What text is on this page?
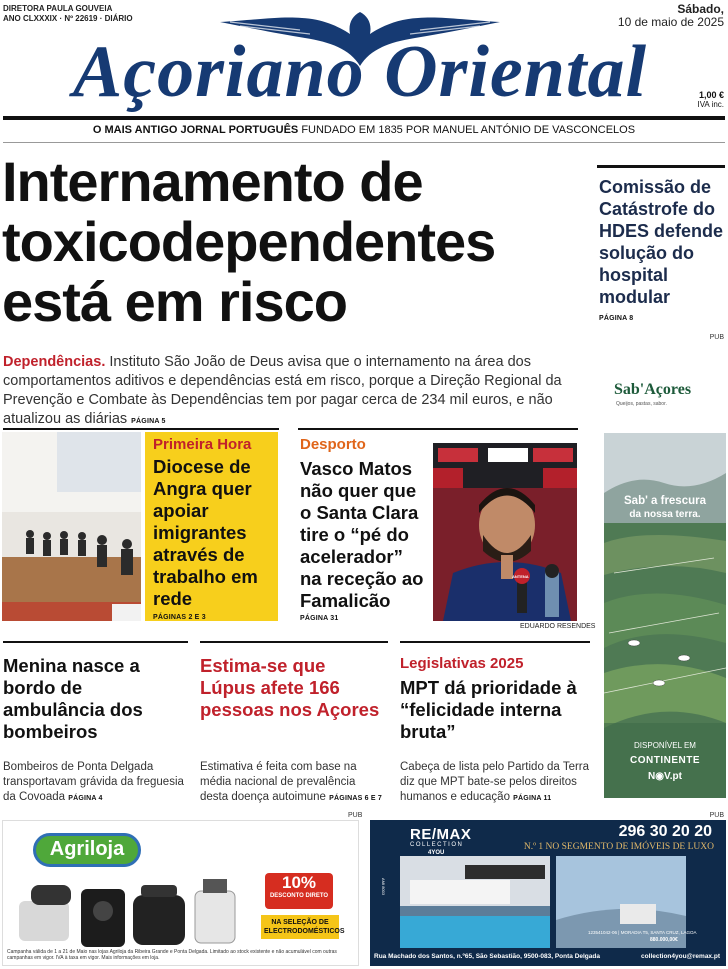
DIRETORA PAULA GOUVEIA
ANO CLXXXIX · Nº 22619 · DIÁRIO
Açoriano Oriental
Sábado,
10 de maio de 2025
1,00 €
IVA inc.
O MAIS ANTIGO JORNAL PORTUGUÊS FUNDADO EM 1835 POR MANUEL ANTÓNIO DE VASCONCELOS
Internamento de toxicodependentes está em risco
Dependências. Instituto São João de Deus avisa que o internamento na área dos comportamentos aditivos e dependências está em risco, porque a Direção Regional da Prevenção e Combate às Dependências tem por pagar cerca de 234 mil euros, e não atualizou as diárias PÁGINA 5
Comissão de Catástrofe do HDES defende solução do hospital modular
PÁGINA 8
PUB
Sab'Açores
Queijos, pastas, sabor.
Sab' a frescura
da nossa terra.
DISPONÍVEL EM
CONTINENTE
N◉V.pt
Primeira Hora
Diocese de Angra quer apoiar imigrantes através de trabalho em rede
PÁGINAS 2 E 3
Desporto
Vasco Matos não quer que o Santa Clara tire o “pé do acelerador” na receção ao Famalicão
PÁGINA 31
ANTENA
EDUARDO RESENDES
Menina nasce a bordo de ambulância dos bombeiros
Bombeiros de Ponta Delgada transportavam grávida da freguesia da Covoada PÁGINA 4
Estima-se que Lúpus afete 166 pessoas nos Açores
Estimativa é feita com base na média nacional de prevalência desta doença autoimune PÁGINAS 6 E 7
Legislativas 2025
MPT dá prioridade à “felicidade interna bruta”
Cabeça de lista pelo Partido da Terra diz que MPT bate-se pelos direitos humanos e educação PÁGINA 11
PUB	PUB
Agriloja
10%
DESCONTO DIRETO
NA SELEÇÃO DE ELECTRODOMÉSTICOS
Campanha válida de 1 a 21 de Maio nas lojas Agriloja da Ribeira Grande e Ponta Delgada. Limitado ao stock existente e não acumulável com outras campanhas em vigor. IVA à taxa em vigor. Mais informações em loja.
RE/MAX
COLLECTION
4YOU
296 30 20 20
N.º 1 NO SEGMENTO DE IMÓVEIS DE LUXO
123541042-06 | MORADIA T5, SANTA CRUZ, LAGOA
880.000,00€
AMI 8003
Rua Machado dos Santos, n.º65, São Sebastião, 9500-083, Ponta Delgada	collection4you@remax.pt
